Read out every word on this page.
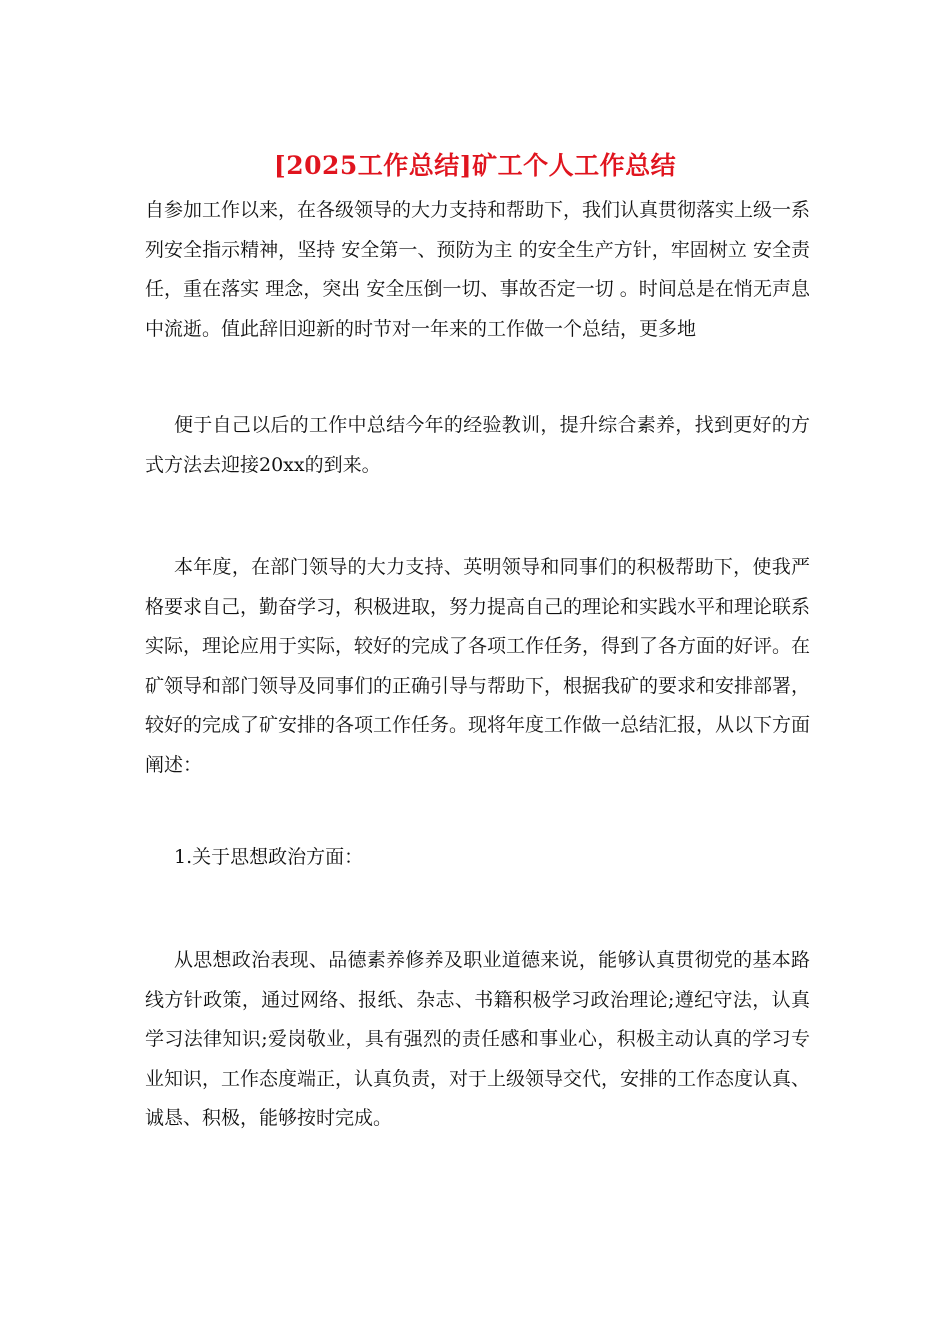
[2025工作总结]矿工个人工作总结

自参加工作以来，在各级领导的大力支持和帮助下，我们认真贯彻落实上级一系列安全指示精神，坚持 安全第一、预防为主 的安全生产方针，牢固树立 安全责任，重在落实 理念，突出 安全压倒一切、事故否定一切 。时间总是在悄无声息中流逝。值此辞旧迎新的时节对一年来的工作做一个总结，更多地

便于自己以后的工作中总结今年的经验教训，提升综合素养，找到更好的方式方法去迎接20xx的到来。

本年度，在部门领导的大力支持、英明领导和同事们的积极帮助下，使我严格要求自己，勤奋学习，积极进取，努力提高自己的理论和实践水平和理论联系实际，理论应用于实际，较好的完成了各项工作任务，得到了各方面的好评。在矿领导和部门领导及同事们的正确引导与帮助下，根据我矿的要求和安排部署，较好的完成了矿安排的各项工作任务。现将年度工作做一总结汇报，从以下方面阐述：

1.关于思想政治方面：

从思想政治表现、品德素养修养及职业道德来说，能够认真贯彻党的基本路线方针政策，通过网络、报纸、杂志、书籍积极学习政治理论;遵纪守法，认真学习法律知识;爱岗敬业，具有强烈的责任感和事业心，积极主动认真的学习专业知识，工作态度端正，认真负责，对于上级领导交代，安排的工作态度认真、诚恳、积极，能够按时完成。
